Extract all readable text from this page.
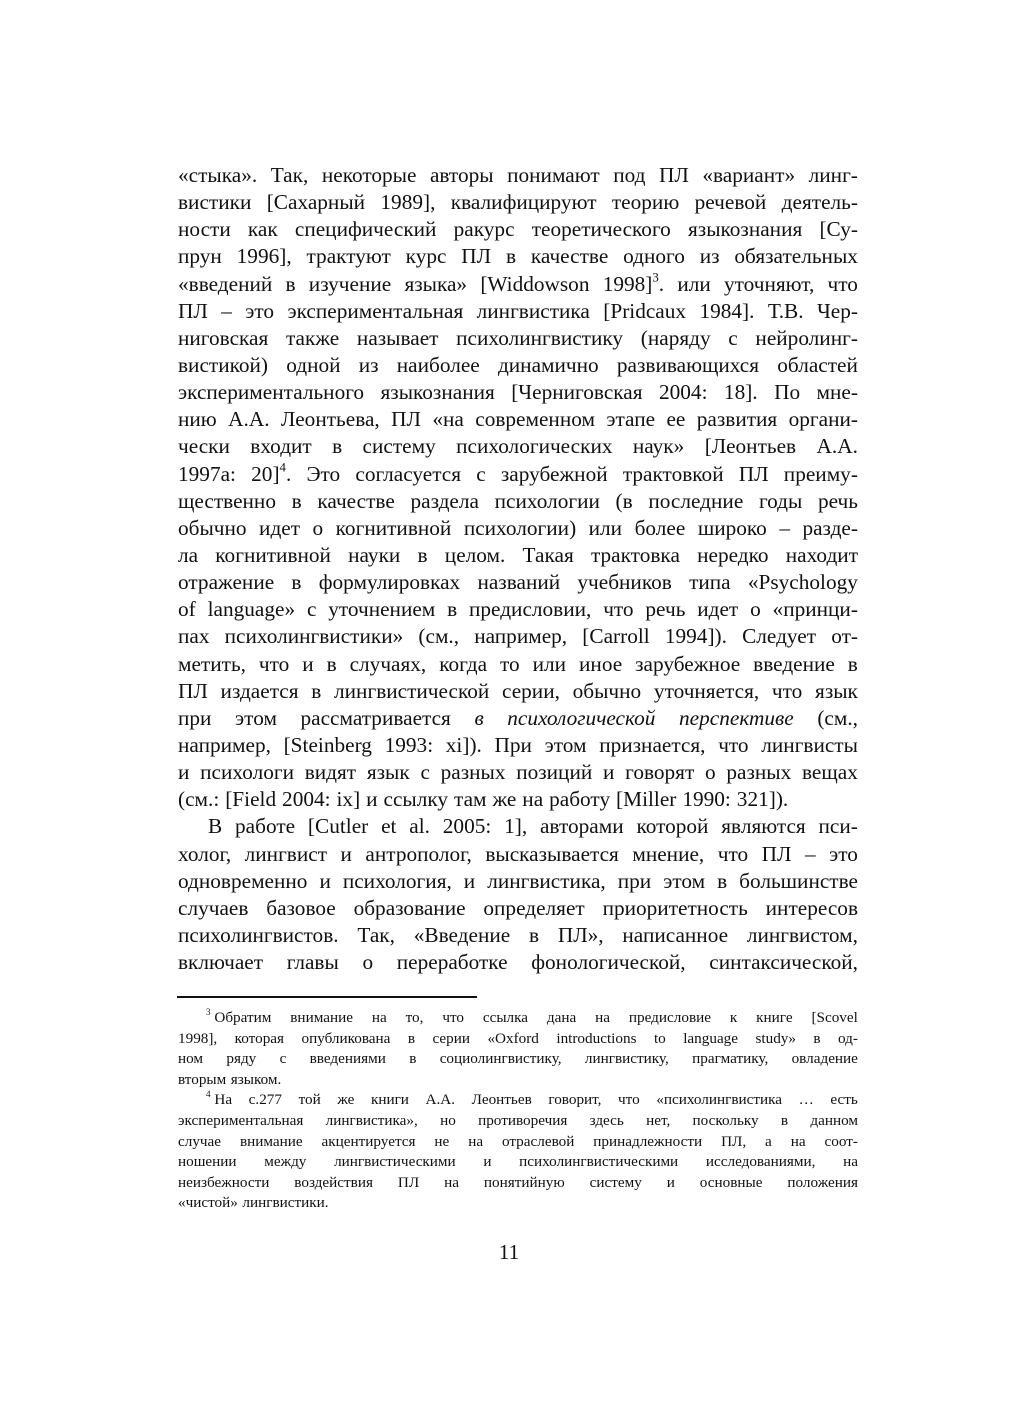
«стыка». Так, некоторые авторы понимают под ПЛ «вариант» линг-
вистики [Сахарный 1989], квалифицируют теорию речевой деятель-
ности как специфический ракурс теоретического языкознания [Су-
прун 1996], трактуют курс ПЛ в качестве одного из обязательных
«введений в изучение языка» [Widdowson 1998]$^3$. или уточняют, что
ПЛ – это экспериментальная лингвистика [Pridcaux 1984]. Т.В. Чер-
ниговская также называет психолингвистику (наряду с нейролинг-
вистикой) одной из наиболее динамично развивающихся областей
экспериментального языкознания [Черниговская 2004: 18]. По мне-
нию А.А. Леонтьева, ПЛ «на современном этапе ее развития органи-
чески входит в систему психологических наук» [Леонтьев А.А.
1997а: 20]$^4$. Это согласуется с зарубежной трактовкой ПЛ преиму-
щественно в качестве раздела психологии (в последние годы речь
обычно идет о когнитивной психологии) или более широко – разде-
ла когнитивной науки в целом. Такая трактовка нередко находит
отражение в формулировках названий учебников типа «Psychology
of language» с уточнением в предисловии, что речь идет о «принци-
пах психолингвистики» (см., например, [Carroll 1994]). Следует от-
метить, что и в случаях, когда то или иное зарубежное введение в
ПЛ издается в лингвистической серии, обычно уточняется, что язык
при этом рассматривается в психологической перспективе (см.,
например, [Steinberg 1993: xi]). При этом признается, что лингвисты
и психологи видят язык с разных позиций и говорят о разных вещах
(см.: [Field 2004: ix] и ссылку там же на работу [Miller 1990: 321]).
В работе [Cutler et al. 2005: 1], авторами которой являются пси-
холог, лингвист и антрополог, высказывается мнение, что ПЛ – это
одновременно и психология, и лингвистика, при этом в большинстве
случаев базовое образование определяет приоритетность интересов
психолингвистов. Так, «Введение в ПЛ», написанное лингвистом,
включает главы о переработке фонологической, синтаксической,
$^3$ Обратим внимание на то, что ссылка дана на предисловие к книге [Scovel
1998], которая опубликована в серии «Oxford introductions to language study» в од-
ном ряду с введениями в социолингвистику, лингвистику, прагматику, овладение
вторым языком.
$^4$ На с.277 той же книги А.А. Леонтьев говорит, что «психолингвистика … есть
экспериментальная лингвистика», но противоречия здесь нет, поскольку в данном
случае внимание акцентируется не на отраслевой принадлежности ПЛ, а на соот-
ношении между лингвистическими и психолингвистическими исследованиями, на
неизбежности воздействия ПЛ на понятийную систему и основные положения
«чистой» лингвистики.
11
